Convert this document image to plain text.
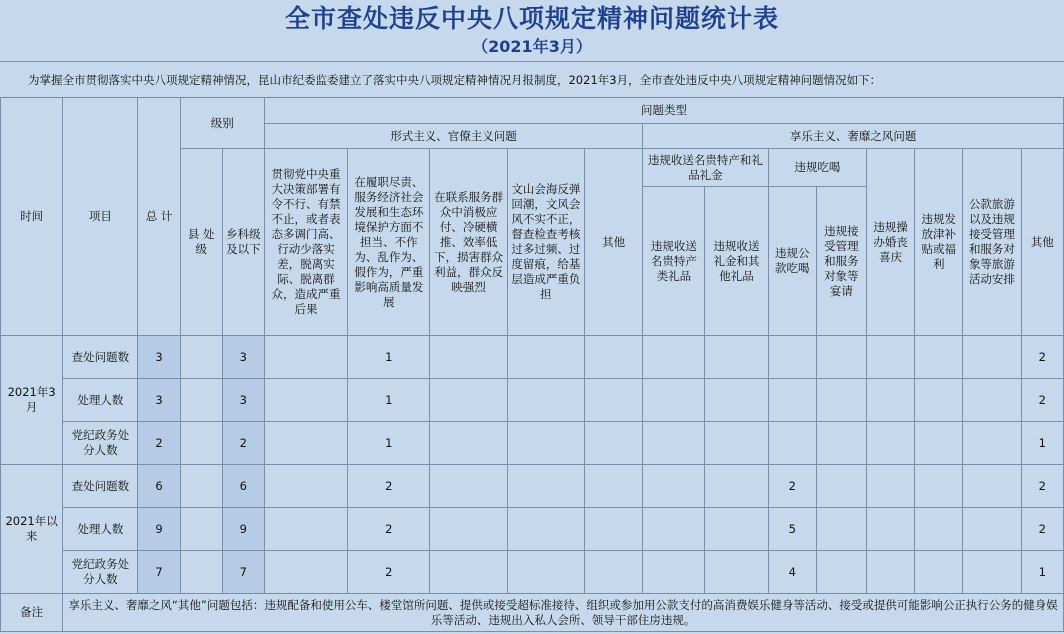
全市查处违反中央八项规定精神问题统计表
（2021年3月）
为掌握全市贯彻落实中央八项规定精神情况，昆山市纪委监委建立了落实中央八项规定精神情况月报制度，2021年3月，全市查处违反中央八项规定精神问题情况如下：
时间	项目	总 计	级别		问题类型												
					形式主义、官僚主义问题					享乐主义、奢靡之风问题							
			县 处级	乡科级及以下	贯彻党中央重大决策部署有令不行、有禁不止，或者表态多调门高、行动少落实差，脱离实际、脱离群众，造成严重后果	在履职尽责、服务经济社会发展和生态环境保护方面不担当、不作为、乱作为、假作为，严重影响高质量发展	在联系服务群众中消极应付、冷硬横推、效率低下，损害群众利益，群众反映强烈	文山会海反弹回潮，文风会风不实不正，督查检查考核过多过频、过度留痕，给基层造成严重负担	其他	违规收送名贵特产和礼品礼金		违规吃喝		违规操办婚丧喜庆	违规发放津补贴或福利	公款旅游以及违规接受管理和服务对象等旅游活动安排	其他
										违规收送名贵特产类礼品	违规收送礼金和其他礼品	违规公款吃喝	违规接受管理和服务对象等宴请				
2021年3月	查处问题数	3		3		1											2
	处理人数	3		3		1											2
	党纪政务处分人数	2		2		1											1
2021年以来	查处问题数	6		6		2						2					2
	处理人数	9		9		2						5					2
	党纪政务处分人数	7		7		2						4					1
备注	享乐主义、奢靡之风“其他”问题包括：违规配备和使用公车、楼堂馆所问题、提供或接受超标准接待、组织或参加用公款支付的高消费娱乐健身等活动、接受或提供可能影响公正执行公务的健身娱乐等活动、违规出入私人会所、领导干部住房违规。																
